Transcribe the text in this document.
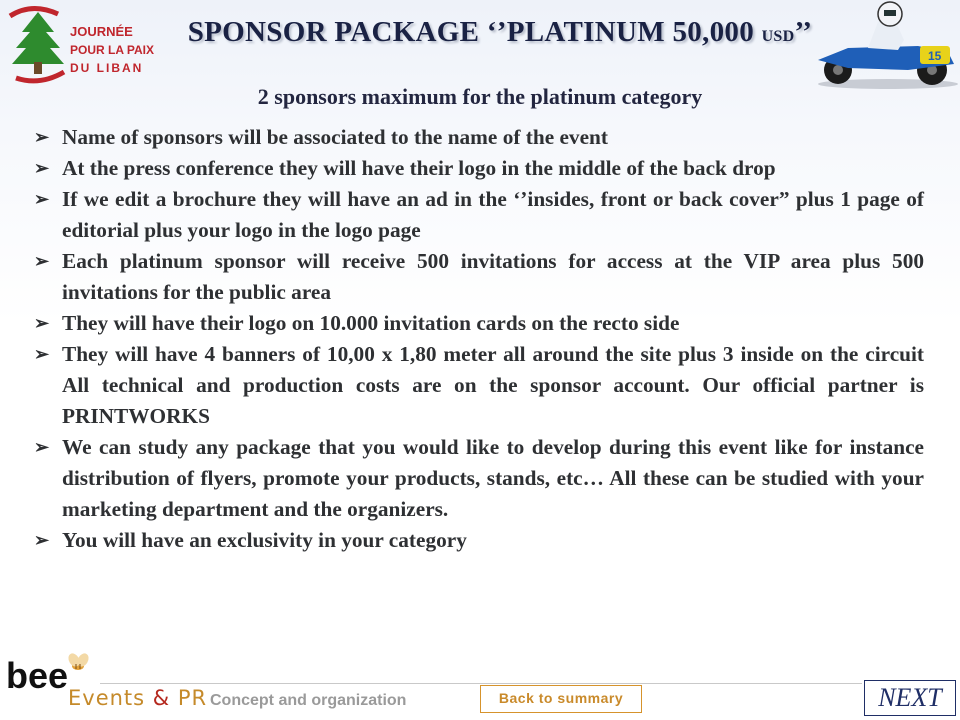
JOURNÉE
POUR LA PAIX
DU LIBAN
SPONSOR PACKAGE ‘’PLATINUM 50,000 USD’’
15
2 sponsors maximum for the platinum category
➢ Name of sponsors will be associated to the name of the event
➢ At the press conference they will have their logo in the middle of the back drop
➢ If we edit a brochure they will have an ad in the ‘’insides, front or back cover” plus 1 page of editorial plus your logo in the logo page
➢ Each platinum sponsor will receive 500 invitations for access at the VIP area plus 500 invitations for the public area
➢ They will have their logo on 10.000 invitation cards on the recto side
➢ They will have 4 banners of 10,00 x 1,80 meter all around the site plus 3 inside on the circuit All technical and production costs are on the sponsor account. Our official partner is PRINTWORKS
➢ We can study any package that you would like to develop during this event like for instance distribution of flyers, promote your products, stands, etc… All these can be studied with your marketing department and the organizers.
➢ You will have an exclusivity in your category
bee
Events & PR Concept and organization	Back to summary	NEXT
